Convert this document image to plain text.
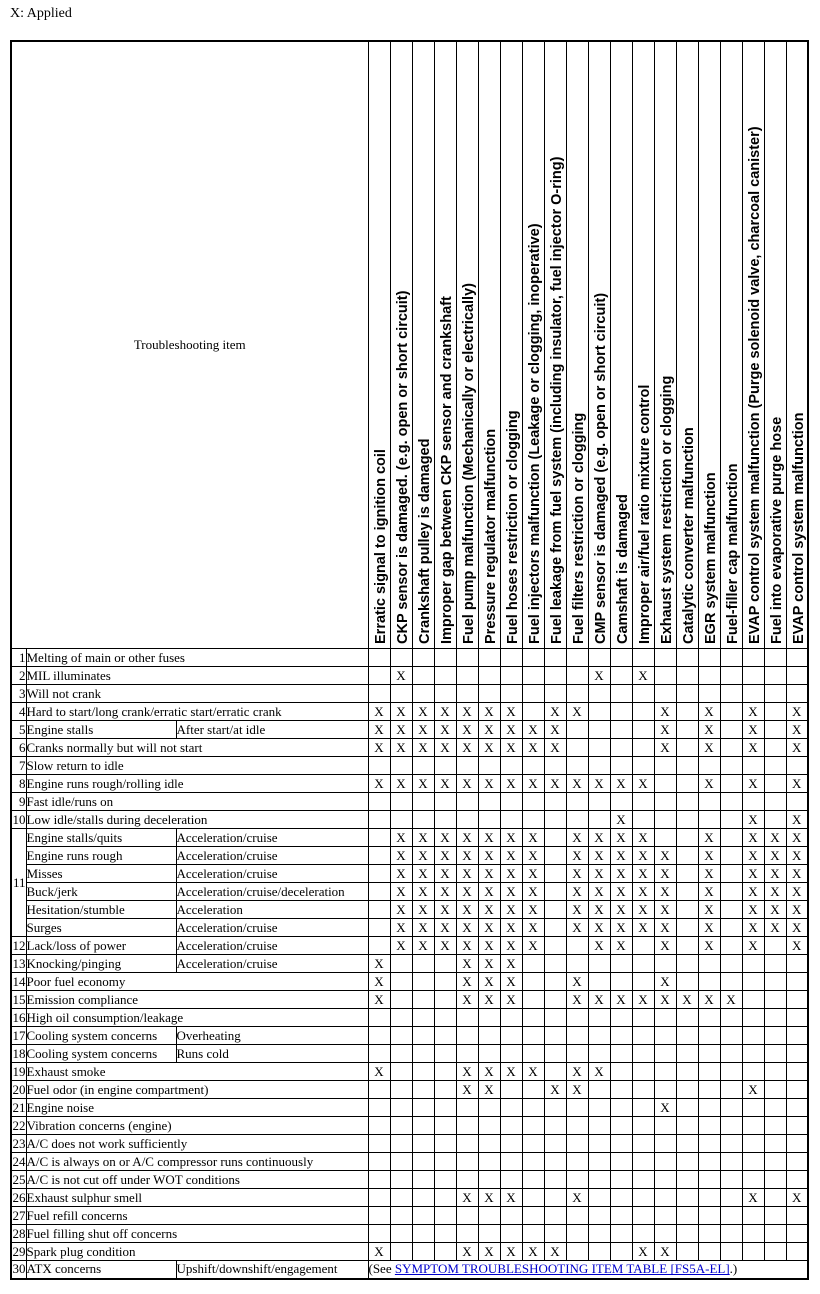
X: Applied
Troubleshooting item			Erratic signal to ignition coil	CKP sensor is damaged. (e.g. open or short circuit)	Crankshaft pulley is damaged	Improper gap between CKP sensor and crankshaft	Fuel pump malfunction (Mechanically or electrically)	Pressure regulator malfunction	Fuel hoses restriction or clogging	Fuel injectors malfunction (Leakage or clogging, inoperative)	Fuel leakage from fuel system (including insulator, fuel injector O-ring)	Fuel filters restriction or clogging	CMP sensor is damaged (e.g. open or short circuit)	Camshaft is damaged	Improper air/fuel ratio mixture control	Exhaust system restriction or clogging	Catalytic converter malfunction	EGR system malfunction	Fuel-filler cap malfunction	EVAP control system malfunction (Purge solenoid valve, charcoal canister)	Fuel into evaporative purge hose	EVAP control system malfunction

1	Melting of main or other fuses																					
2	MIL illuminates			X									X		X							
3	Will not crank																					
4	Hard to start/long crank/erratic start/erratic crank		X	X	X	X	X	X	X		X	X				X		X		X		X
5	Engine stalls	After start/at idle	X	X	X	X	X	X	X	X	X					X		X		X		X
6	Cranks normally but will not start		X	X	X	X	X	X	X	X	X					X		X		X		X
7	Slow return to idle																					
8	Engine runs rough/rolling idle		X	X	X	X	X	X	X	X	X	X	X	X	X			X		X		X
9	Fast idle/runs on																					
10	Low idle/stalls during deceleration													X						X		X
11	Engine stalls/quits	Acceleration/cruise		X	X	X	X	X	X	X		X	X	X	X			X		X	X	X
	Engine runs rough	Acceleration/cruise		X	X	X	X	X	X	X		X	X	X	X	X		X		X	X	X
	Misses	Acceleration/cruise		X	X	X	X	X	X	X		X	X	X	X	X		X		X	X	X
	Buck/jerk	Acceleration/cruise/deceleration		X	X	X	X	X	X	X		X	X	X	X	X		X		X	X	X
	Hesitation/stumble	Acceleration		X	X	X	X	X	X	X		X	X	X	X	X		X		X	X	X
	Surges	Acceleration/cruise		X	X	X	X	X	X	X		X	X	X	X	X		X		X	X	X
12	Lack/loss of power	Acceleration/cruise		X	X	X	X	X	X	X			X	X		X		X		X		X
13	Knocking/pinging	Acceleration/cruise	X				X	X	X													
14	Poor fuel economy		X				X	X	X			X				X						
15	Emission compliance		X				X	X	X			X	X	X	X	X	X	X	X			
16	High oil consumption/leakage																					
17	Cooling system concerns	Overheating																				
18	Cooling system concerns	Runs cold																				
19	Exhaust smoke		X				X	X	X	X		X	X									
20	Fuel odor (in engine compartment)						X	X			X	X								X		
21	Engine noise															X						
22	Vibration concerns (engine)																					
23	A/C does not work sufficiently																					
24	A/C is always on or A/C compressor runs continuously																					
25	A/C is not cut off under WOT conditions																					
26	Exhaust sulphur smell						X	X	X			X								X		X
27	Fuel refill concerns																					
28	Fuel filling shut off concerns																					
29	Spark plug condition		X				X	X	X	X	X				X	X						
30	ATX concerns	Upshift/downshift/engagement	(See SYMPTOM TROUBLESHOOTING ITEM TABLE [FS5A-EL].)																			
